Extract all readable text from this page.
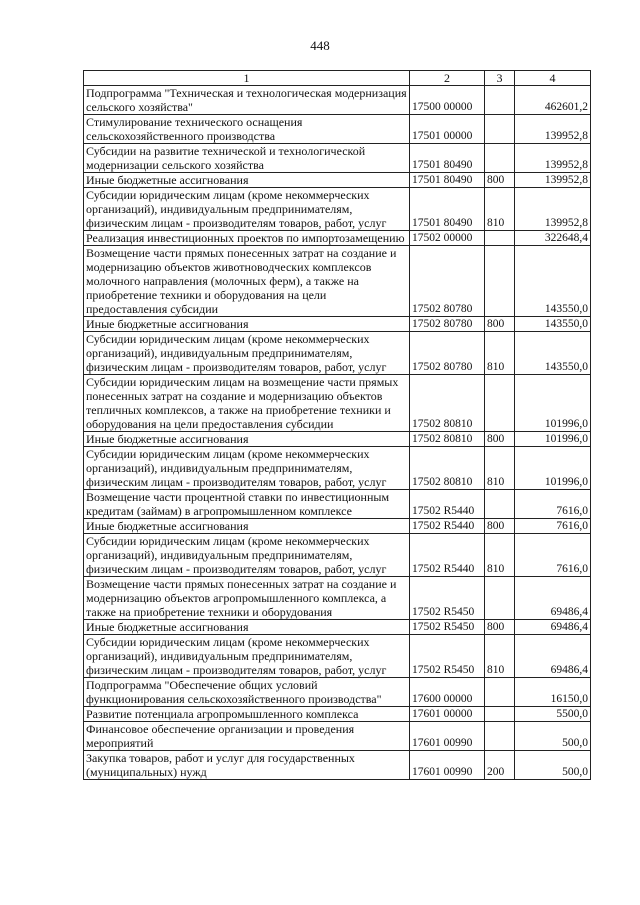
448
1	2	3	4
Подпрограмма "Техническая и технологическая модернизация сельского хозяйства"	17500 00000		462601,2
Стимулирование технического оснащения сельскохозяйственного производства	17501 00000		139952,8
Субсидии на развитие технической и технологической модернизации сельского хозяйства	17501 80490		139952,8
Иные бюджетные ассигнования	17501 80490	800	139952,8
Субсидии юридическим лицам (кроме некоммерческих организаций), индивидуальным предпринимателям, физическим лицам - производителям товаров, работ, услуг	17501 80490	810	139952,8
Реализация инвестиционных проектов по импортозамещению	17502 00000		322648,4
Возмещение части прямых понесенных затрат на создание и модернизацию объектов животноводческих комплексов молочного направления (молочных ферм), а также на приобретение техники и оборудования на цели предоставления субсидии	17502 80780		143550,0
Иные бюджетные ассигнования	17502 80780	800	143550,0
Субсидии юридическим лицам (кроме некоммерческих организаций), индивидуальным предпринимателям, физическим лицам - производителям товаров, работ, услуг	17502 80780	810	143550,0
Субсидии юридическим лицам на возмещение части прямых понесенных затрат на создание и модернизацию объектов тепличных комплексов, а также на приобретение техники и оборудования на цели предоставления субсидии	17502 80810		101996,0
Иные бюджетные ассигнования	17502 80810	800	101996,0
Субсидии юридическим лицам (кроме некоммерческих организаций), индивидуальным предпринимателям, физическим лицам - производителям товаров, работ, услуг	17502 80810	810	101996,0
Возмещение части процентной ставки по инвестиционным кредитам (займам) в агропромышленном комплексе	17502 R5440		7616,0
Иные бюджетные ассигнования	17502 R5440	800	7616,0
Субсидии юридическим лицам (кроме некоммерческих организаций), индивидуальным предпринимателям, физическим лицам - производителям товаров, работ, услуг	17502 R5440	810	7616,0
Возмещение части прямых понесенных затрат на создание и модернизацию объектов агропромышленного комплекса, а также на приобретение техники и оборудования	17502 R5450		69486,4
Иные бюджетные ассигнования	17502 R5450	800	69486,4
Субсидии юридическим лицам (кроме некоммерческих организаций), индивидуальным предпринимателям, физическим лицам - производителям товаров, работ, услуг	17502 R5450	810	69486,4
Подпрограмма "Обеспечение общих условий функционирования сельскохозяйственного производства"	17600 00000		16150,0
Развитие потенциала агропромышленного комплекса	17601 00000		5500,0
Финансовое обеспечение организации и проведения мероприятий	17601 00990		500,0
Закупка товаров, работ и услуг для государственных (муниципальных) нужд	17601 00990	200	500,0
